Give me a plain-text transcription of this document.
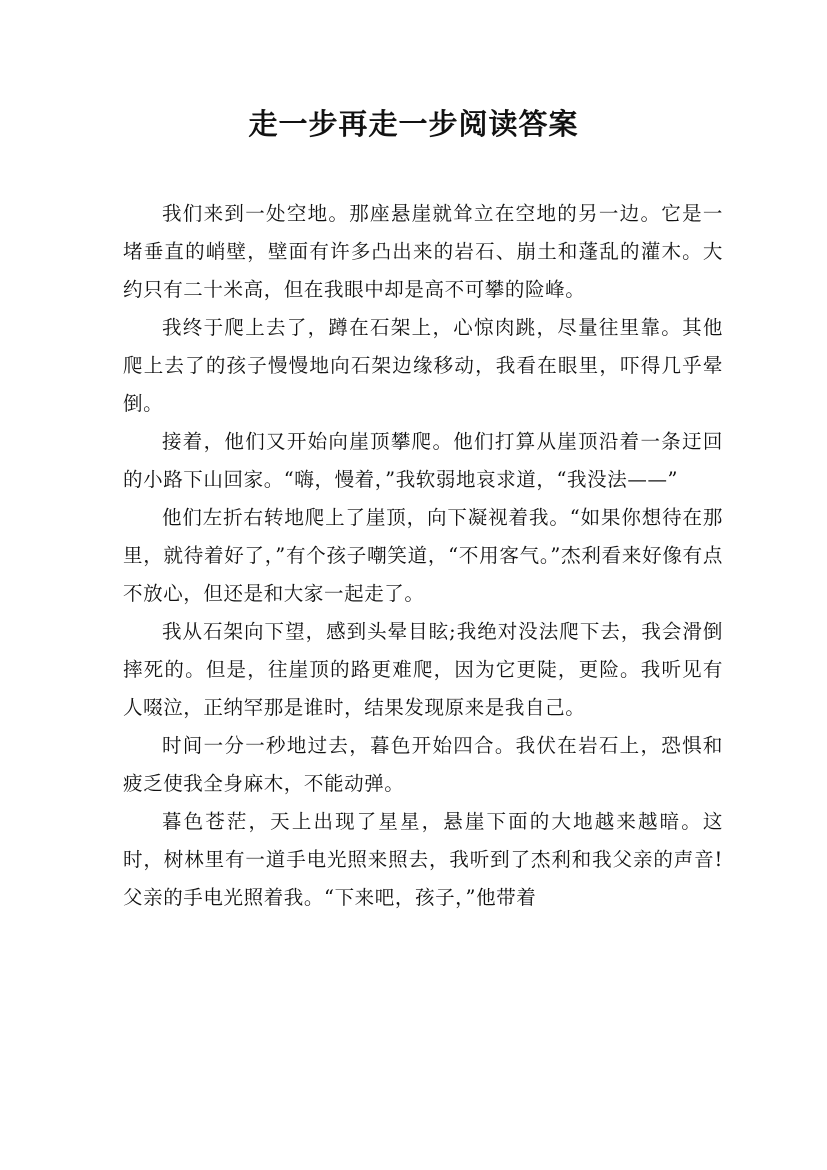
走一步再走一步阅读答案

我们来到一处空地。那座悬崖就耸立在空地的另一边。它是一堵垂直的峭壁，壁面有许多凸出来的岩石、崩土和蓬乱的灌木。大约只有二十米高，但在我眼中却是高不可攀的险峰。

我终于爬上去了，蹲在石架上，心惊肉跳，尽量往里靠。其他爬上去了的孩子慢慢地向石架边缘移动，我看在眼里，吓得几乎晕倒。

接着，他们又开始向崖顶攀爬。他们打算从崖顶沿着一条迂回的小路下山回家。“嗨，慢着，”我软弱地哀求道，“我没法——”

他们左折右转地爬上了崖顶，向下凝视着我。“如果你想待在那里，就待着好了，”有个孩子嘲笑道，“不用客气。”杰利看来好像有点不放心，但还是和大家一起走了。

我从石架向下望，感到头晕目眩;我绝对没法爬下去，我会滑倒摔死的。但是，往崖顶的路更难爬，因为它更陡，更险。我听见有人啜泣，正纳罕那是谁时，结果发现原来是我自己。

时间一分一秒地过去，暮色开始四合。我伏在岩石上，恐惧和疲乏使我全身麻木，不能动弹。

暮色苍茫，天上出现了星星，悬崖下面的大地越来越暗。这时，树林里有一道手电光照来照去，我听到了杰利和我父亲的声音!父亲的手电光照着我。“下来吧，孩子，”他带着
